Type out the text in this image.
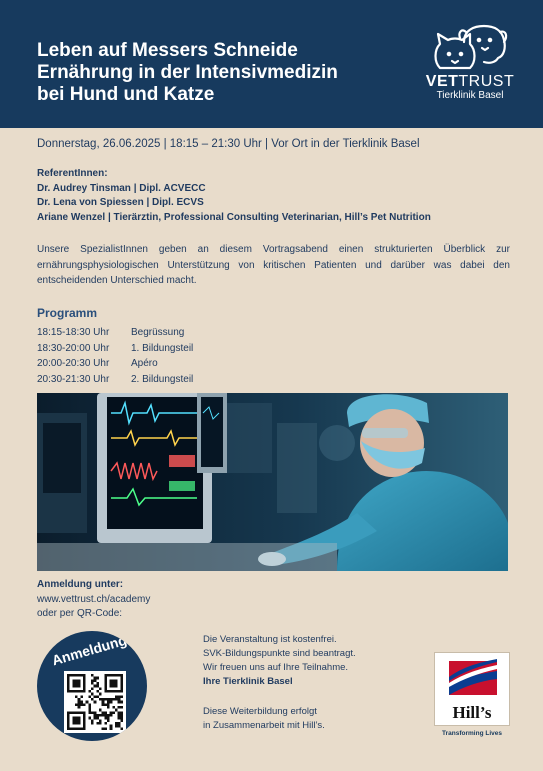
Leben auf Messers Schneide
Ernährung in der Intensivmedizin
bei Hund und Katze
VETTRUST
Tierklinik Basel
Donnerstag, 26.06.2025 | 18:15 – 21:30 Uhr | Vor Ort in der Tierklinik Basel
ReferentInnen:
Dr. Audrey Tinsman | Dipl. ACVECC
Dr. Lena von Spiessen | Dipl. ECVS
Ariane Wenzel | Tierärztin, Professional Consulting Veterinarian, Hill’s Pet Nutrition
Unsere SpezialistInnen geben an diesem Vortragsabend einen strukturierten Überblick zur ernährungsphysiologischen Unterstützung von kritischen Patienten und darüber was dabei den entscheidenden Unterschied macht.
Programm
18:15-18:30 Uhr	Begrüssung
18:30-20:00 Uhr	1. Bildungsteil
20:00-20:30 Uhr	Apéro
20:30-21:30 Uhr	2. Bildungsteil
Anmeldung unter:
www.vettrust.ch/academy
oder per QR-Code:
Anmeldung	Die Veranstaltung ist kostenfrei.
SVK-Bildungspunkte sind beantragt.
Wir freuen uns auf Ihre Teilnahme.
Ihre Tierklinik Basel
Diese Weiterbildung erfolgt
in Zusammenarbeit mit Hill’s.
Hill’s
Transforming Lives
